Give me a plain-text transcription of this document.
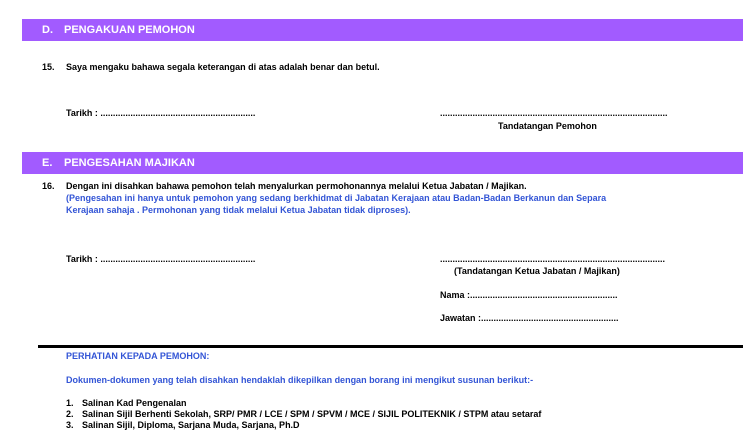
D. PENGAKUAN PEMOHON
15. Saya mengaku bahawa segala keterangan di atas adalah benar dan betul.
Tarikh : ..............................................................	...........................................................................................
Tandatangan Pemohon
E. PENGESAHAN MAJIKAN
16. Dengan ini disahkan bahawa pemohon telah menyalurkan permohonannya melalui Ketua Jabatan / Majikan.
(Pengesahan ini hanya untuk pemohon yang sedang berkhidmat di Jabatan Kerajaan atau Badan-Badan Berkanun dan Separa
Kerajaan sahaja . Permohonan yang tidak melalui Ketua Jabatan tidak diproses).
Tarikh : ..............................................................	..........................................................................................
(Tandatangan Ketua Jabatan / Majikan)
Nama :...........................................................
Jawatan :.......................................................
PERHATIAN KEPADA PEMOHON:
Dokumen-dokumen yang telah disahkan hendaklah dikepilkan dengan borang ini mengikut susunan berikut:-
1. Salinan Kad Pengenalan
2. Salinan Sijil Berhenti Sekolah, SRP/ PMR / LCE / SPM / SPVM / MCE / SIJIL POLITEKNIK / STPM atau setaraf
3. Salinan Sijil, Diploma, Sarjana Muda, Sarjana, Ph.D
